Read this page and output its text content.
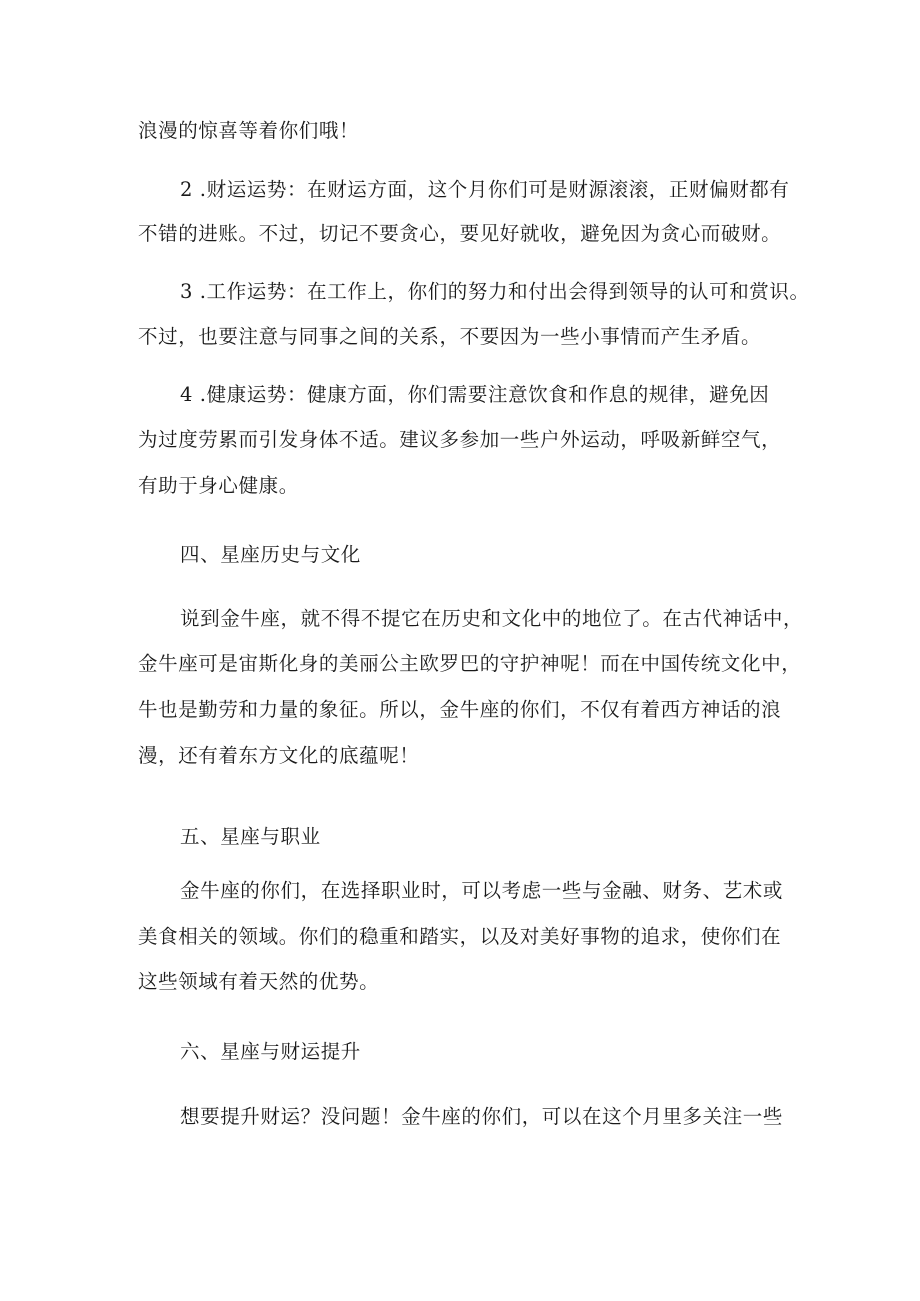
浪漫的惊喜等着你们哦！
2 .财运运势：在财运方面，这个月你们可是财源滚滚，正财偏财都有
不错的进账。不过，切记不要贪心，要见好就收，避免因为贪心而破财。
3 .工作运势：在工作上，你们的努力和付出会得到领导的认可和赏识。
不过，也要注意与同事之间的关系，不要因为一些小事情而产生矛盾。
4 .健康运势：健康方面，你们需要注意饮食和作息的规律，避免因
为过度劳累而引发身体不适。建议多参加一些户外运动，呼吸新鲜空气，
有助于身心健康。
四、星座历史与文化
说到金牛座，就不得不提它在历史和文化中的地位了。在古代神话中，
金牛座可是宙斯化身的美丽公主欧罗巴的守护神呢！而在中国传统文化中，
牛也是勤劳和力量的象征。所以，金牛座的你们，不仅有着西方神话的浪
漫，还有着东方文化的底蕴呢！
五、星座与职业
金牛座的你们，在选择职业时，可以考虑一些与金融、财务、艺术或
美食相关的领域。你们的稳重和踏实，以及对美好事物的追求，使你们在
这些领域有着天然的优势。
六、星座与财运提升
想要提升财运？没问题！金牛座的你们，可以在这个月里多关注一些
